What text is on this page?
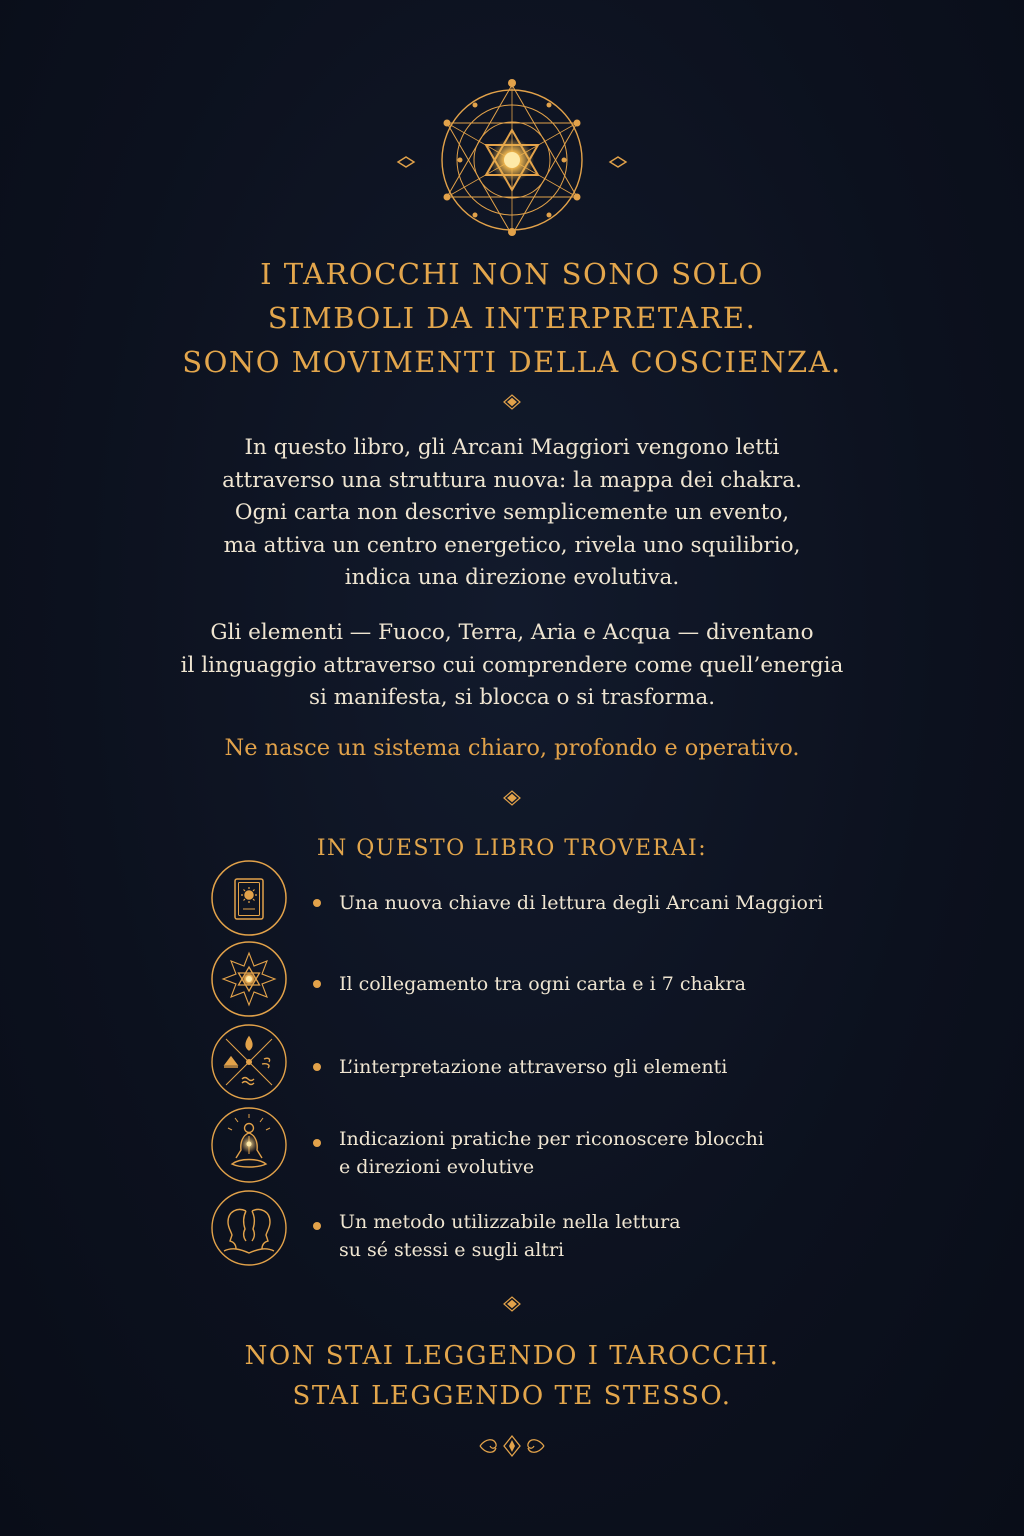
I TAROCCHI NON SONO SOLO
SIMBOLI DA INTERPRETARE.
SONO MOVIMENTI DELLA COSCIENZA.
In questo libro, gli Arcani Maggiori vengono letti
attraverso una struttura nuova: la mappa dei chakra.
Ogni carta non descrive semplicemente un evento,
ma attiva un centro energetico, rivela uno squilibrio,
indica una direzione evolutiva.
Gli elementi — Fuoco, Terra, Aria e Acqua — diventano
il linguaggio attraverso cui comprendere come quell’energia
si manifesta, si blocca o si trasforma.
Ne nasce un sistema chiaro, profondo e operativo.
IN QUESTO LIBRO TROVERAI:
Una nuova chiave di lettura degli Arcani Maggiori
Il collegamento tra ogni carta e i 7 chakra
L’interpretazione attraverso gli elementi
Indicazioni pratiche per riconoscere blocchi
e direzioni evolutive
Un metodo utilizzabile nella lettura
su sé stessi e sugli altri
NON STAI LEGGENDO I TAROCCHI.
STAI LEGGENDO TE STESSO.
